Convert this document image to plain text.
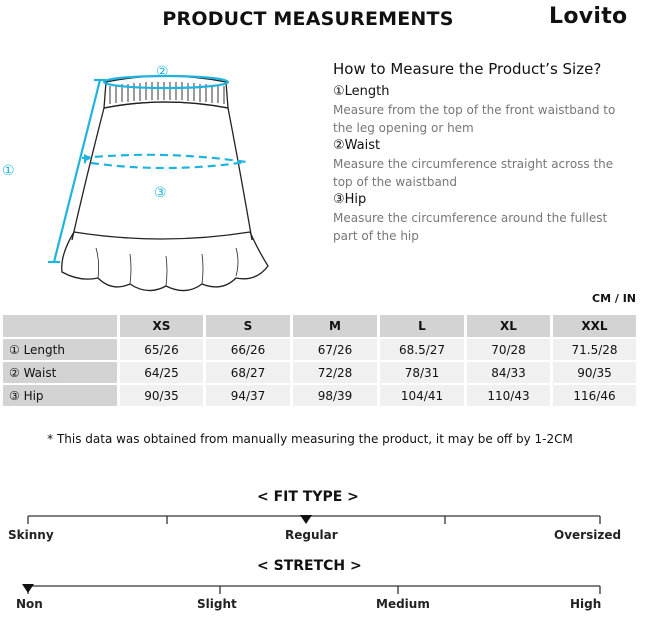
PRODUCT MEASUREMENTS	Lovito
②
①
③
How to Measure the Product’s Size?
①Length
Measure from the top of the front waistband to the leg opening or hem
②Waist
Measure the circumference straight across the top of the waistband
③Hip
Measure the circumference around the fullest part of the hip
CM / IN
	XS	S	M	L	XL	XXL
① Length	65/26	66/26	67/26	68.5/27	70/28	71.5/28
② Waist	64/25	68/27	72/28	78/31	84/33	90/35
③ Hip	90/35	94/37	98/39	104/41	110/43	116/46
* This data was obtained from manually measuring the product, it may be off by 1-2CM
< FIT TYPE >
Skinny	Regular	Oversized
< STRETCH >
Non	Slight	Medium	High
